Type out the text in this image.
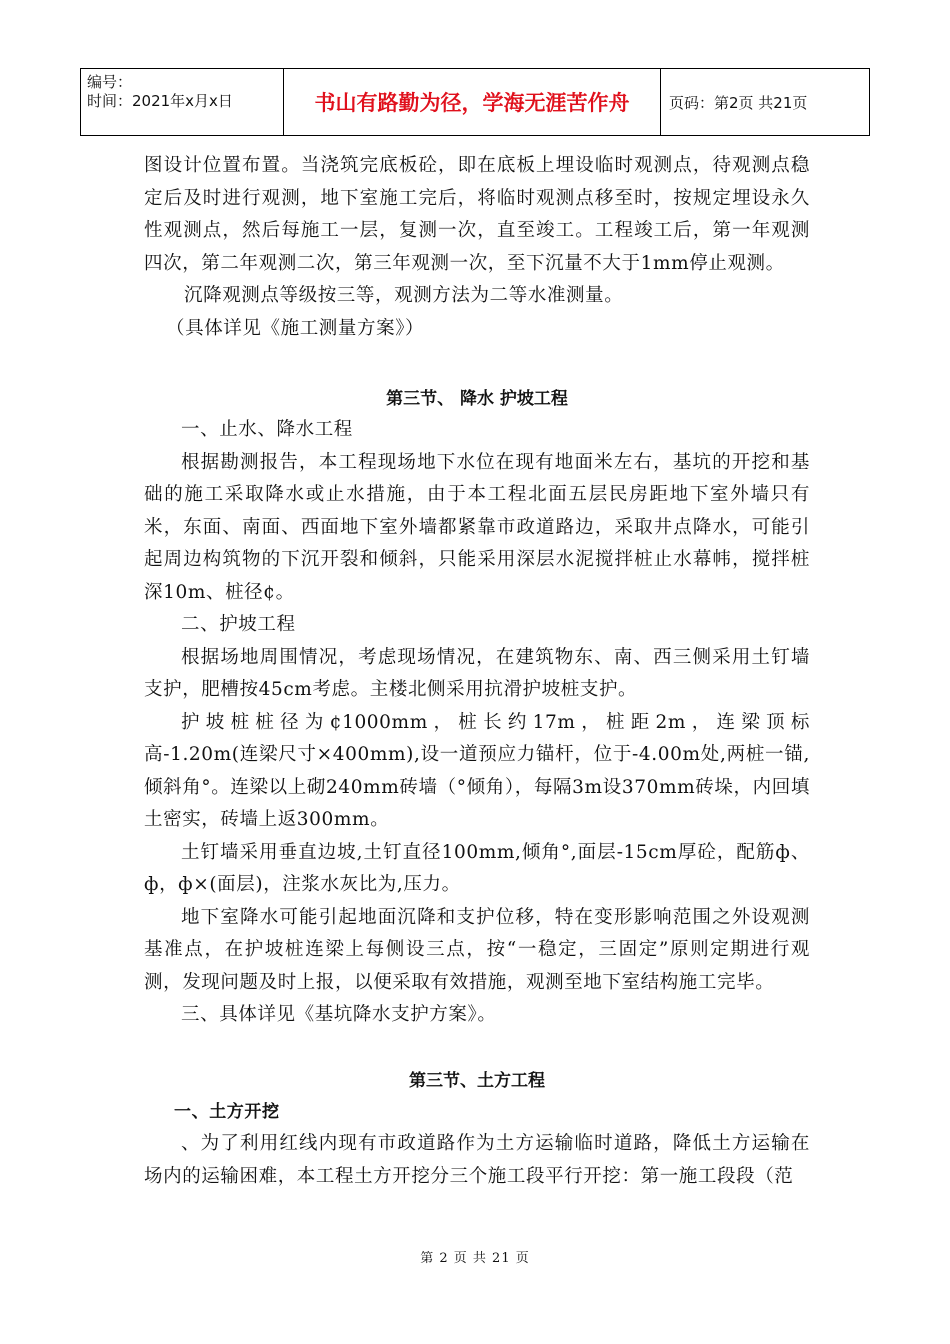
编号：
时间：2021年x月x日	书山有路勤为径，学海无涯苦作舟	页码：第2页 共21页

图设计位置布置。当浇筑完底板砼，即在底板上埋设临时观测点，待观测点稳定后及时进行观测，地下室施工完后，将临时观测点移至时，按规定埋设永久性观测点，然后每施工一层，复测一次，直至竣工。工程竣工后，第一年观测四次，第二年观测二次，第三年观测一次，至下沉量不大于1mm停止观测。

沉降观测点等级按三等，观测方法为二等水准测量。

（具体详见《施工测量方案》）

第三节、 降水 护坡工程

一、止水、降水工程

根据勘测报告，本工程现场地下水位在现有地面米左右，基坑的开挖和基础的施工采取降水或止水措施，由于本工程北面五层民房距地下室外墙只有米，东面、南面、西面地下室外墙都紧靠市政道路边，采取井点降水，可能引起周边构筑物的下沉开裂和倾斜，只能采用深层水泥搅拌桩止水幕帏，搅拌桩深10m、桩径¢。

二、护坡工程

根据场地周围情况，考虑现场情况，在建筑物东、南、西三侧采用土钉墙支护，肥槽按45cm考虑。主楼北侧采用抗滑护坡桩支护。

护坡桩桩径为¢1000mm，桩长约17m，桩距2m，连梁顶标高-1.20m(连梁尺寸×400mm),设一道预应力锚杆，位于-4.00m处,两桩一锚,倾斜角°。连梁以上砌240mm砖墙（°倾角），每隔3m设370mm砖垛，内回填土密实，砖墙上返300mm。

土钉墙采用垂直边坡,土钉直径100mm,倾角°,面层-15cm厚砼，配筋ф、ф，ф×(面层)，注浆水灰比为,压力。

地下室降水可能引起地面沉降和支护位移，特在变形影响范围之外设观测基准点，在护坡桩连梁上每侧设三点，按“一稳定，三固定”原则定期进行观测，发现问题及时上报，以便采取有效措施，观测至地下室结构施工完毕。

三、具体详见《基坑降水支护方案》。

第三节、土方工程

一、土方开挖

、为了利用红线内现有市政道路作为土方运输临时道路，降低土方运输在场内的运输困难，本工程土方开挖分三个施工段平行开挖：第一施工段段（范

第 2 页 共 21 页
